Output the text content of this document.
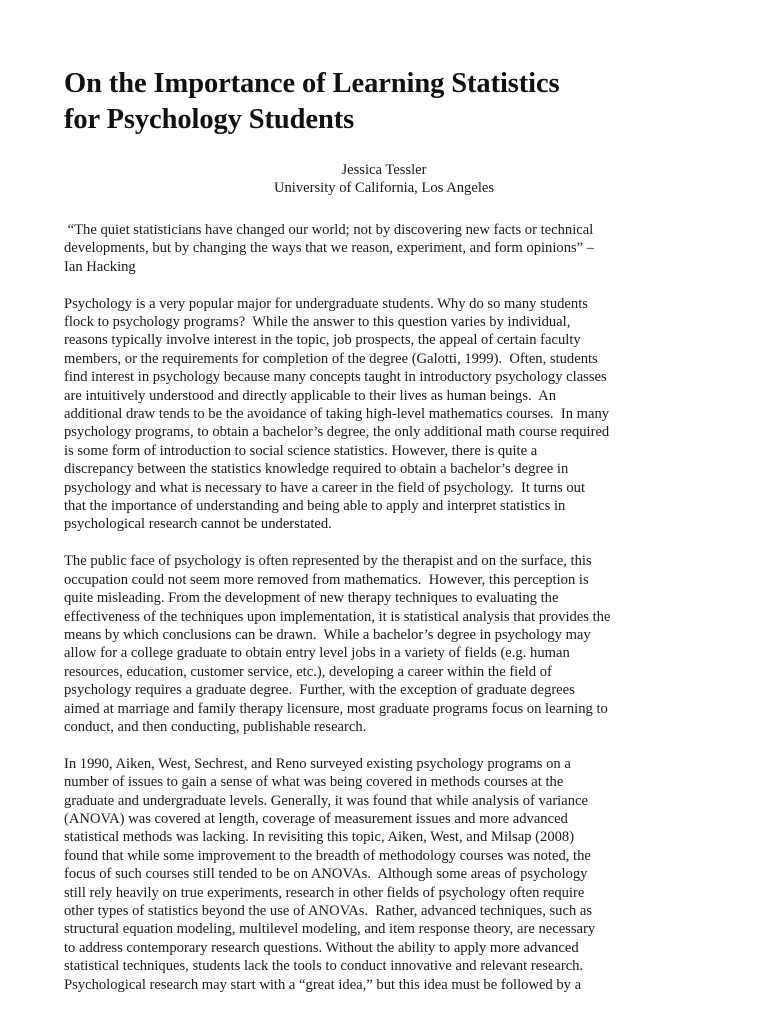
On the Importance of Learning Statistics
for Psychology Students
Jessica Tessler
University of California, Los Angeles
“The quiet statisticians have changed our world; not by discovering new facts or technical
developments, but by changing the ways that we reason, experiment, and form opinions” –
Ian Hacking
Psychology is a very popular major for undergraduate students. Why do so many students
flock to psychology programs?  While the answer to this question varies by individual,
reasons typically involve interest in the topic, job prospects, the appeal of certain faculty
members, or the requirements for completion of the degree (Galotti, 1999).  Often, students
find interest in psychology because many concepts taught in introductory psychology classes
are intuitively understood and directly applicable to their lives as human beings.  An
additional draw tends to be the avoidance of taking high-level mathematics courses.  In many
psychology programs, to obtain a bachelor’s degree, the only additional math course required
is some form of introduction to social science statistics. However, there is quite a
discrepancy between the statistics knowledge required to obtain a bachelor’s degree in
psychology and what is necessary to have a career in the field of psychology.  It turns out
that the importance of understanding and being able to apply and interpret statistics in
psychological research cannot be understated.
The public face of psychology is often represented by the therapist and on the surface, this
occupation could not seem more removed from mathematics.  However, this perception is
quite misleading. From the development of new therapy techniques to evaluating the
effectiveness of the techniques upon implementation, it is statistical analysis that provides the
means by which conclusions can be drawn.  While a bachelor’s degree in psychology may
allow for a college graduate to obtain entry level jobs in a variety of fields (e.g. human
resources, education, customer service, etc.), developing a career within the field of
psychology requires a graduate degree.  Further, with the exception of graduate degrees
aimed at marriage and family therapy licensure, most graduate programs focus on learning to
conduct, and then conducting, publishable research.
In 1990, Aiken, West, Sechrest, and Reno surveyed existing psychology programs on a
number of issues to gain a sense of what was being covered in methods courses at the
graduate and undergraduate levels. Generally, it was found that while analysis of variance
(ANOVA) was covered at length, coverage of measurement issues and more advanced
statistical methods was lacking. In revisiting this topic, Aiken, West, and Milsap (2008)
found that while some improvement to the breadth of methodology courses was noted, the
focus of such courses still tended to be on ANOVAs.  Although some areas of psychology
still rely heavily on true experiments, research in other fields of psychology often require
other types of statistics beyond the use of ANOVAs.  Rather, advanced techniques, such as
structural equation modeling, multilevel modeling, and item response theory, are necessary
to address contemporary research questions. Without the ability to apply more advanced
statistical techniques, students lack the tools to conduct innovative and relevant research.
Psychological research may start with a “great idea,” but this idea must be followed by a
